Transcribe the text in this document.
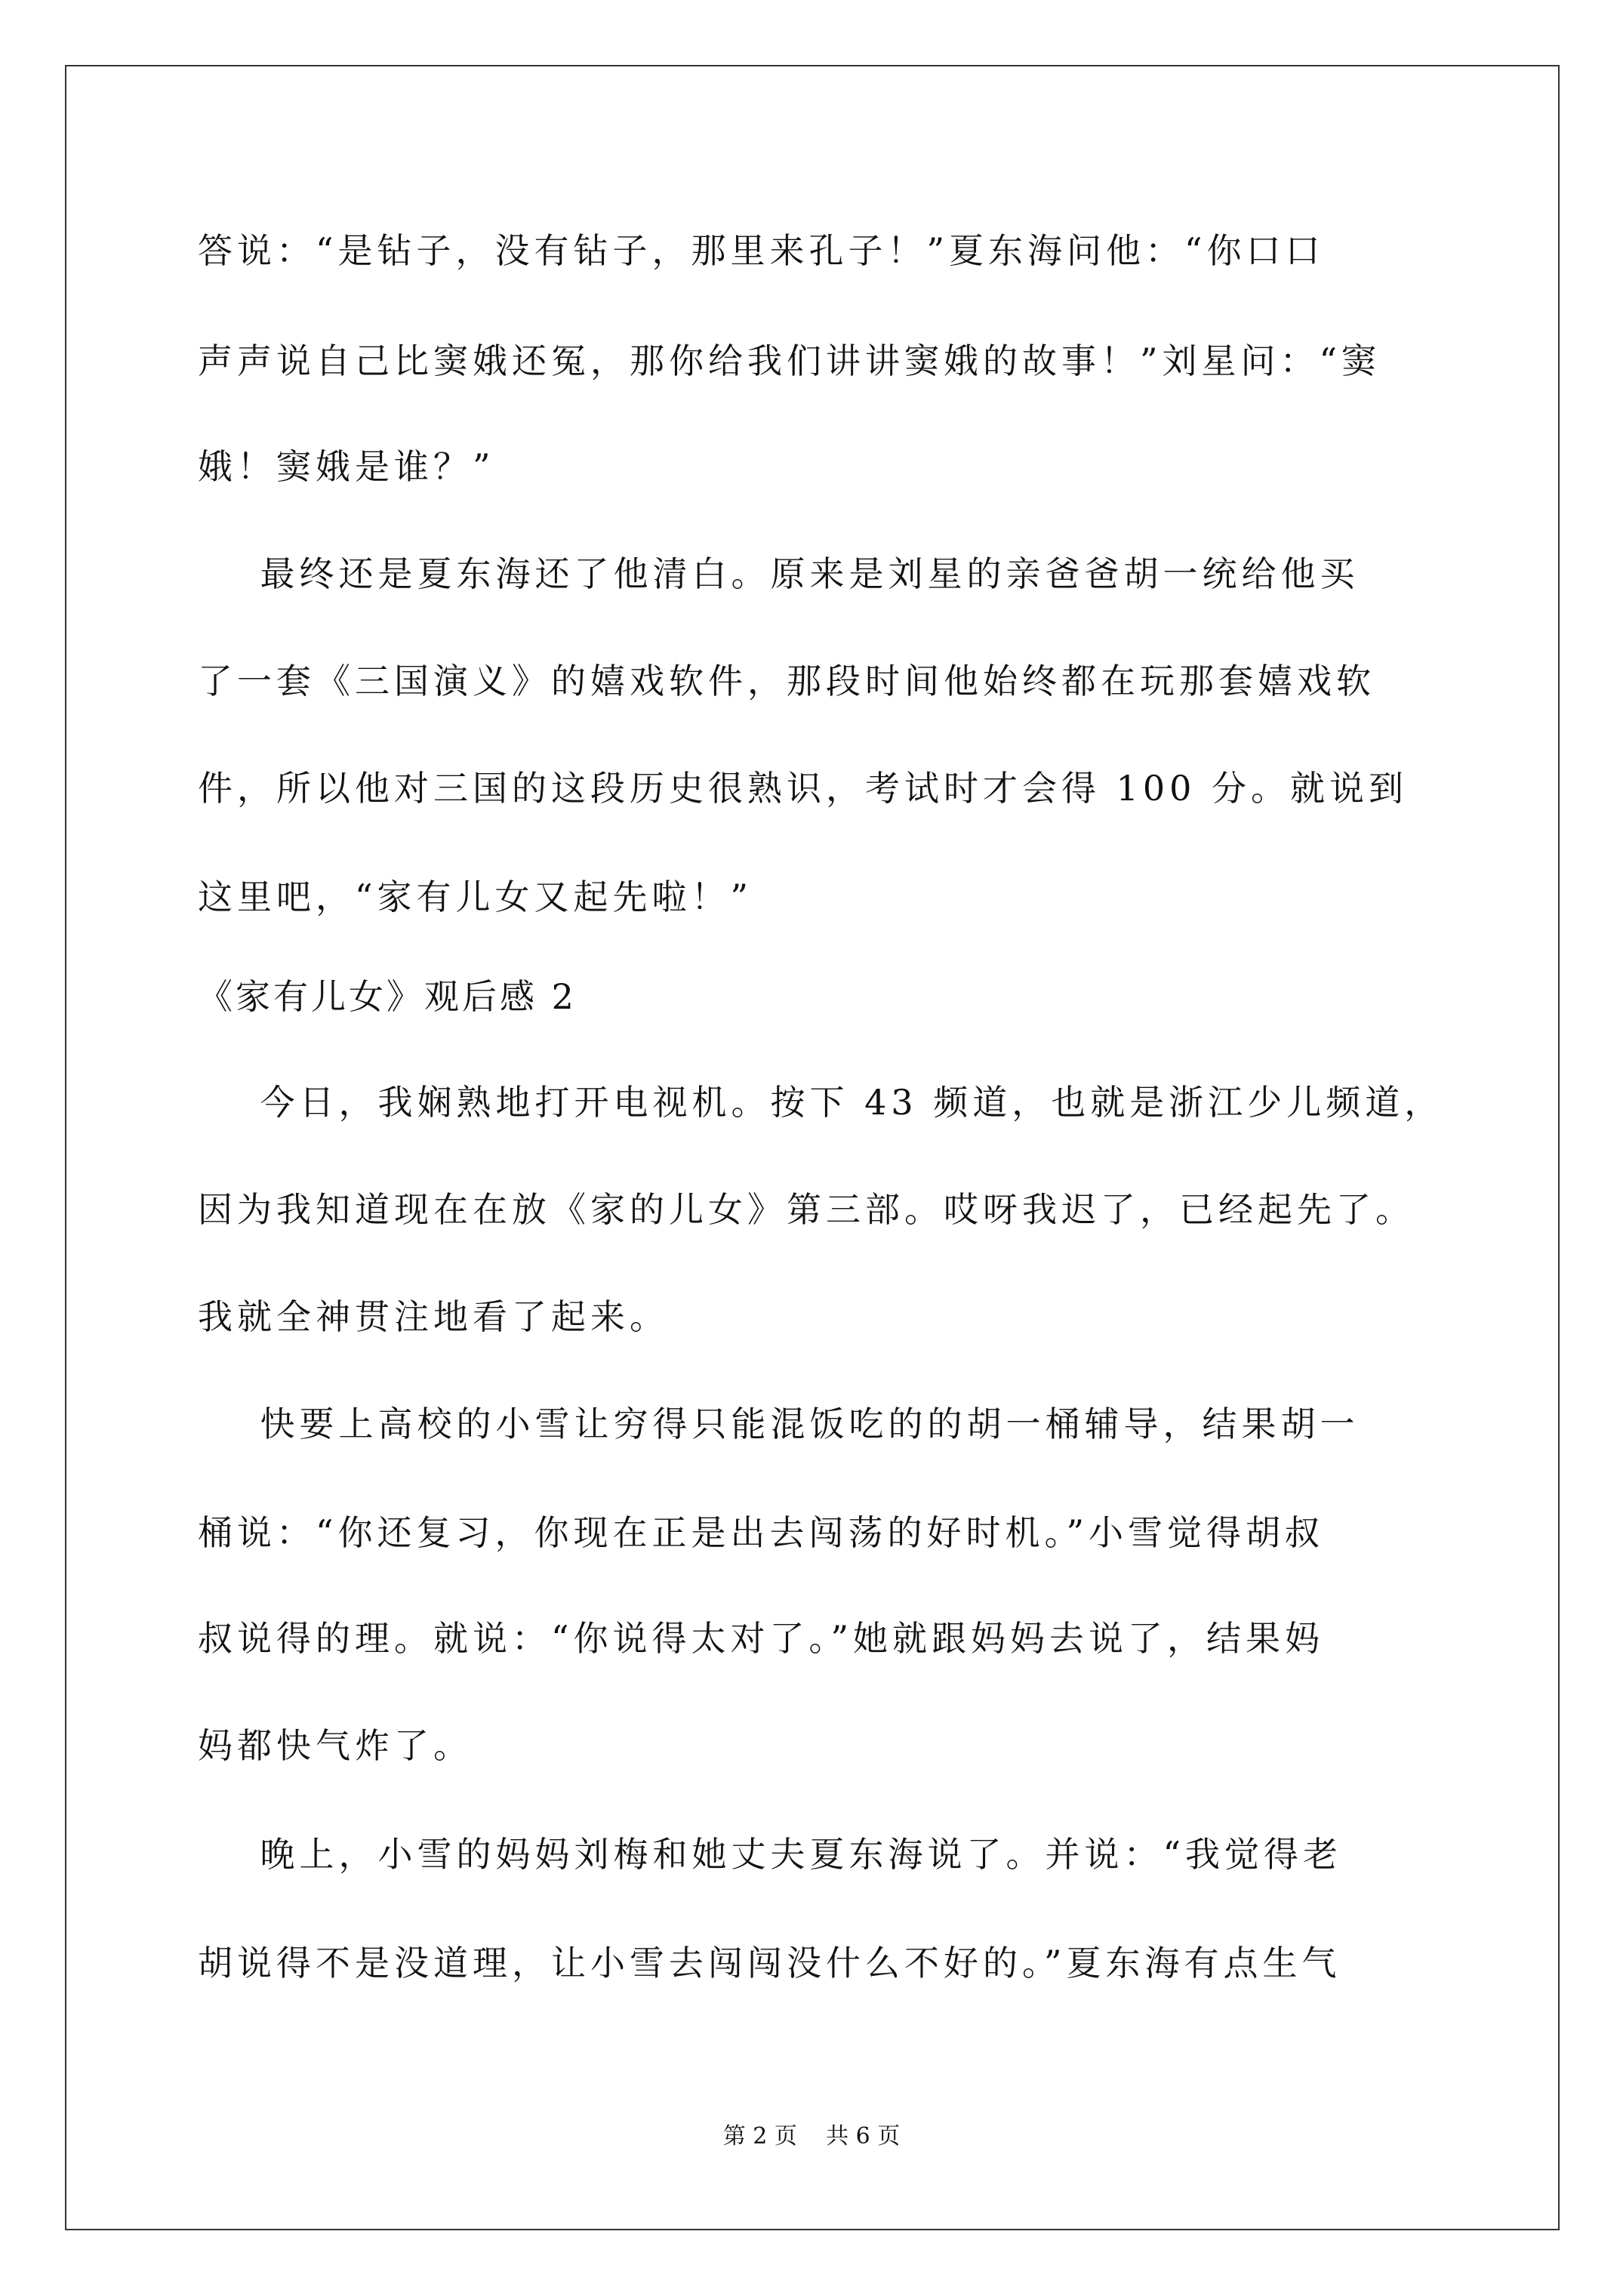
答说：“是钻子，没有钻子，那里来孔子！”夏东海问他：“你口口

声声说自己比窦娥还冤，那你给我们讲讲窦娥的故事！”刘星问：“窦

娥！窦娥是谁？”

最终还是夏东海还了他清白。原来是刘星的亲爸爸胡一统给他买

了一套《三国演义》的嬉戏软件，那段时间他始终都在玩那套嬉戏软

件，所以他对三国的这段历史很熟识，考试时才会得 100 分。就说到

这里吧，“家有儿女又起先啦！”

《家有儿女》观后感 2

今日，我娴熟地打开电视机。按下 43 频道，也就是浙江少儿频道，

因为我知道现在在放《家的儿女》第三部。哎呀我迟了，已经起先了。

我就全神贯注地看了起来。

快要上高校的小雪让穷得只能混饭吃的的胡一桶辅导，结果胡一

桶说：“你还复习，你现在正是出去闯荡的好时机。”小雪觉得胡叔

叔说得的理。就说：“你说得太对了。”她就跟妈妈去说了，结果妈

妈都快气炸了。

晚上，小雪的妈妈刘梅和她丈夫夏东海说了。并说：“我觉得老

胡说得不是没道理，让小雪去闯闯没什么不好的。”夏东海有点生气

第 2 页    共 6 页
